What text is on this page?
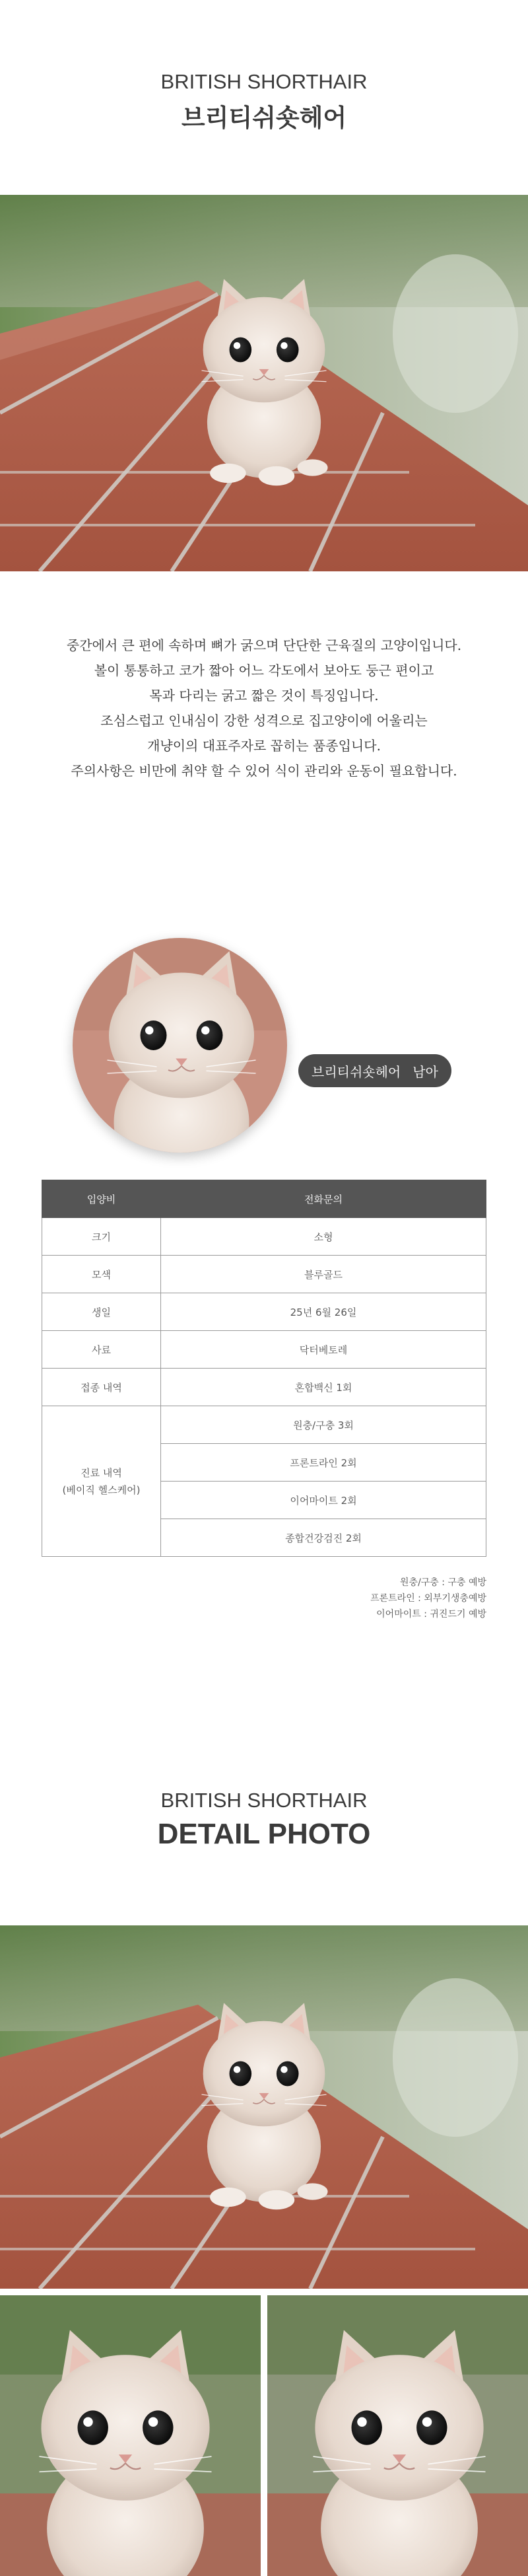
BRITISH SHORTHAIR
브리티쉬숏헤어
중간에서 큰 편에 속하며 뼈가 굵으며 단단한 근육질의 고양이입니다.
볼이 통통하고 코가 짧아 어느 각도에서 보아도 둥근 편이고
목과 다리는 굵고 짧은 것이 특징입니다.
조심스럽고 인내심이 강한 성격으로 집고양이에 어울리는
개냥이의 대표주자로 꼽히는 품종입니다.
주의사항은 비만에 취약 할 수 있어 식이 관리와 운동이 필요합니다.
브리티쉬숏헤어 남아
입양비	전화문의
크기	소형
모색	블루골드
생일	25년 6월 26일
사료	닥터베토레
접종 내역	혼합백신 1회

진료 내역
(베이직 헬스케어)	원충/구충 3회
	프론트라인 2회
	이어마이트 2회
	종합건강검진 2회
원충/구충 : 구충 예방
프론트라인 : 외부기생충예방
이어마이트 : 귀진드기 예방
BRITISH SHORTHAIR
DETAIL PHOTO
